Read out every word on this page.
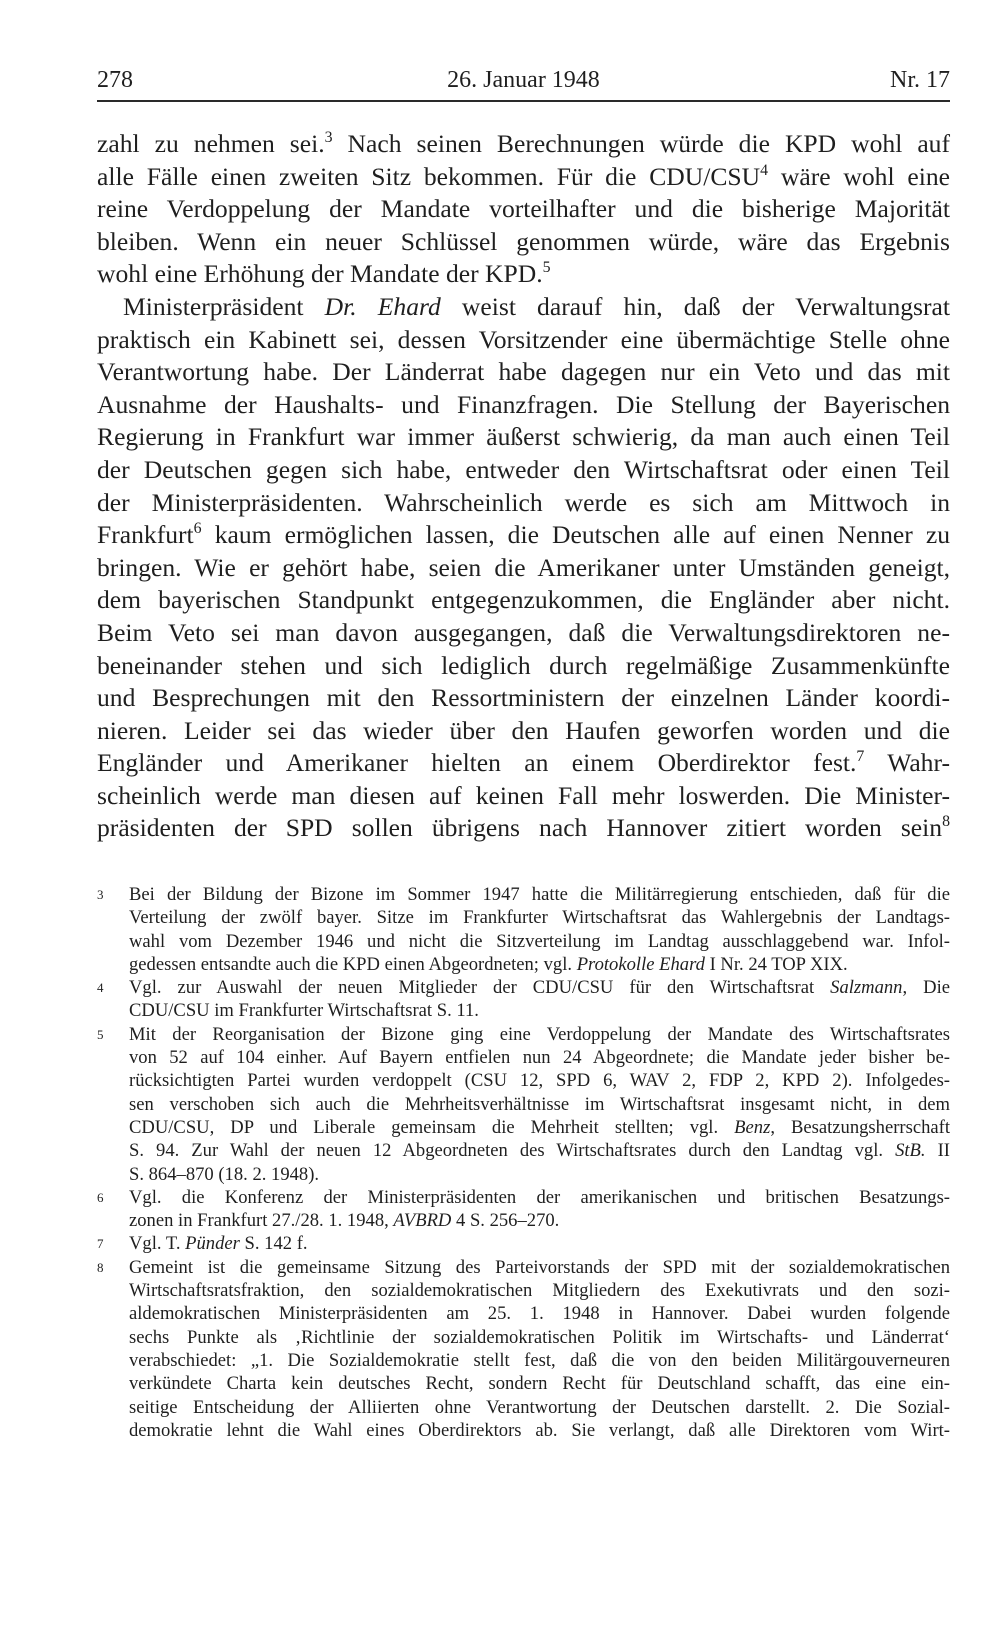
278	26. Januar 1948	Nr. 17
zahl zu nehmen sei.$^3$ Nach seinen Berechnungen würde die KPD wohl auf
alle Fälle einen zweiten Sitz bekommen. Für die CDU/CSU$^4$ wäre wohl eine
reine Verdoppelung der Mandate vorteilhafter und die bisherige Majorität
bleiben. Wenn ein neuer Schlüssel genommen würde, wäre das Ergebnis
wohl eine Erhöhung der Mandate der KPD.$^5$
Ministerpräsident Dr. Ehard weist darauf hin, daß der Verwaltungsrat
praktisch ein Kabinett sei, dessen Vorsitzender eine übermächtige Stelle ohne
Verantwortung habe. Der Länderrat habe dagegen nur ein Veto und das mit
Ausnahme der Haushalts- und Finanzfragen. Die Stellung der Bayerischen
Regierung in Frankfurt war immer äußerst schwierig, da man auch einen Teil
der Deutschen gegen sich habe, entweder den Wirtschaftsrat oder einen Teil
der Ministerpräsidenten. Wahrscheinlich werde es sich am Mittwoch in
Frankfurt$^6$ kaum ermöglichen lassen, die Deutschen alle auf einen Nenner zu
bringen. Wie er gehört habe, seien die Amerikaner unter Umständen geneigt,
dem bayerischen Standpunkt entgegenzukommen, die Engländer aber nicht.
Beim Veto sei man davon ausgegangen, daß die Verwaltungsdirektoren ne-
beneinander stehen und sich lediglich durch regelmäßige Zusammenkünfte
und Besprechungen mit den Ressortministern der einzelnen Länder koordi-
nieren. Leider sei das wieder über den Haufen geworfen worden und die
Engländer und Amerikaner hielten an einem Oberdirektor fest.$^7$ Wahr-
scheinlich werde man diesen auf keinen Fall mehr loswerden. Die Minister-
präsidenten der SPD sollen übrigens nach Hannover zitiert worden sein$^8$
3	Bei der Bildung der Bizone im Sommer 1947 hatte die Militärregierung entschieden, daß für die
Verteilung der zwölf bayer. Sitze im Frankfurter Wirtschaftsrat das Wahlergebnis der Landtags-
wahl vom Dezember 1946 und nicht die Sitzverteilung im Landtag ausschlaggebend war. Infol-
gedessen entsandte auch die KPD einen Abgeordneten; vgl. Protokolle Ehard I Nr. 24 TOP XIX.
4	Vgl. zur Auswahl der neuen Mitglieder der CDU/CSU für den Wirtschaftsrat Salzmann, Die
CDU/CSU im Frankfurter Wirtschaftsrat S. 11.
5	Mit der Reorganisation der Bizone ging eine Verdoppelung der Mandate des Wirtschaftsrates
von 52 auf 104 einher. Auf Bayern entfielen nun 24 Abgeordnete; die Mandate jeder bisher be-
rücksichtigten Partei wurden verdoppelt (CSU 12, SPD 6, WAV 2, FDP 2, KPD 2). Infolgedes-
sen verschoben sich auch die Mehrheitsverhältnisse im Wirtschaftsrat insgesamt nicht, in dem
CDU/CSU, DP und Liberale gemeinsam die Mehrheit stellten; vgl. Benz, Besatzungsherrschaft
S. 94. Zur Wahl der neuen 12 Abgeordneten des Wirtschaftsrates durch den Landtag vgl. StB. II
S. 864–870 (18. 2. 1948).
6	Vgl. die Konferenz der Ministerpräsidenten der amerikanischen und britischen Besatzungs-
zonen in Frankfurt 27./28. 1. 1948, AVBRD 4 S. 256–270.
7	Vgl. T. Pünder S. 142 f.
8	Gemeint ist die gemeinsame Sitzung des Parteivorstands der SPD mit der sozialdemokratischen
Wirtschaftsratsfraktion, den sozialdemokratischen Mitgliedern des Exekutivrats und den sozi-
aldemokratischen Ministerpräsidenten am 25. 1. 1948 in Hannover. Dabei wurden folgende
sechs Punkte als ‚Richtlinie der sozialdemokratischen Politik im Wirtschafts- und Länderrat‘
verabschiedet: „1. Die Sozialdemokratie stellt fest, daß die von den beiden Militärgouverneuren
verkündete Charta kein deutsches Recht, sondern Recht für Deutschland schafft, das eine ein-
seitige Entscheidung der Alliierten ohne Verantwortung der Deutschen darstellt. 2. Die Sozial-
demokratie lehnt die Wahl eines Oberdirektors ab. Sie verlangt, daß alle Direktoren vom Wirt-
